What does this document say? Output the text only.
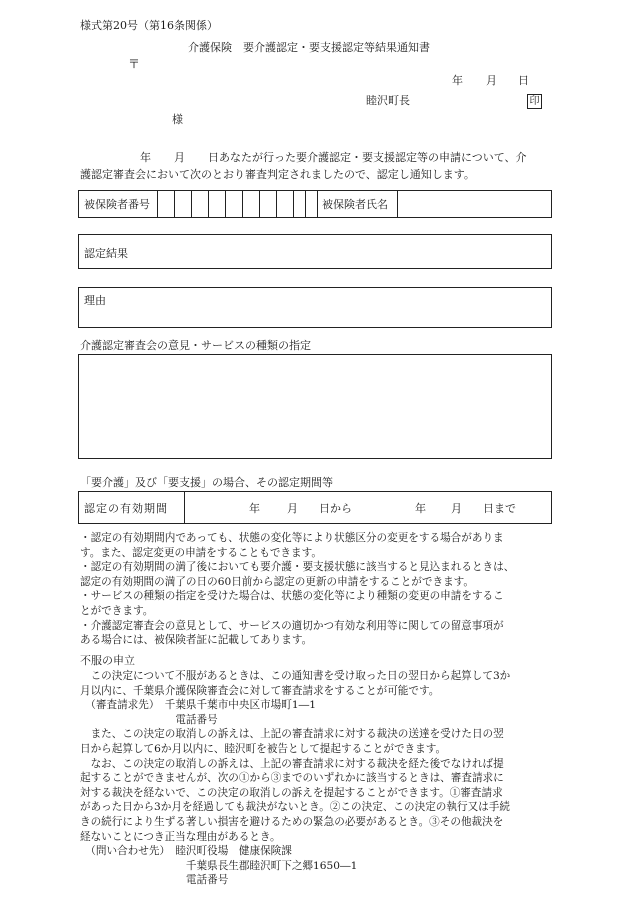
様式第20号（第16条関係）
介護保険　要介護認定・要支援認定等結果通知書
〒
年 月 日
睦沢町長	印
様
年 月 日あなたが行った要介護認定・要支援認定等の申請について、介
護認定審査会において次のとおり審査判定されましたので、認定し通知します。
被保険者番号	被保険者氏名
認定結果
理由
介護認定審査会の意見・サービスの種類の指定
「要介護」及び「要支援」の場合、その認定期間等
認定の有効期間	年 月 日から	年 月 日まで

・認定の有効期間内であっても、状態の変化等により状態区分の変更をする場合がありま

す。また、認定変更の申請をすることもできます。

・認定の有効期間の満了後においても要介護・要支援状態に該当すると見込まれるときは、

認定の有効期間の満了の日の60日前から認定の更新の申請をすることができます。

・サービスの種類の指定を受けた場合は、状態の変化等により種類の変更の申請をするこ

とができます。

・介護認定審査会の意見として、サービスの適切かつ有効な利用等に関しての留意事項が

ある場合には、被保険者証に記載してあります。

不服の申立

　この決定について不服があるときは、この通知書を受け取った日の翌日から起算して3か

月以内に、千葉県介護保険審査会に対して審査請求をすることが可能です。

　（審査請求先）　千葉県千葉市中央区市場町1―1

　　　　　　　　　電話番号

　また、この決定の取消しの訴えは、上記の審査請求に対する裁決の送達を受けた日の翌

日から起算して6か月以内に、睦沢町を被告として提起することができます。

　なお、この決定の取消しの訴えは、上記の審査請求に対する裁決を経た後でなければ提

起することができませんが、次の①から③までのいずれかに該当するときは、審査請求に

対する裁決を経ないで、この決定の取消しの訴えを提起することができます。①審査請求

があった日から3か月を経過しても裁決がないとき。②この決定、この決定の執行又は手続

きの続行により生ずる著しい損害を避けるための緊急の必要があるとき。③その他裁決を

経ないことにつき正当な理由があるとき。

　（問い合わせ先）　睦沢町役場　健康保険課

　　　　　　　　　　千葉県長生郡睦沢町下之郷1650―1

　　　　　　　　　　電話番号
